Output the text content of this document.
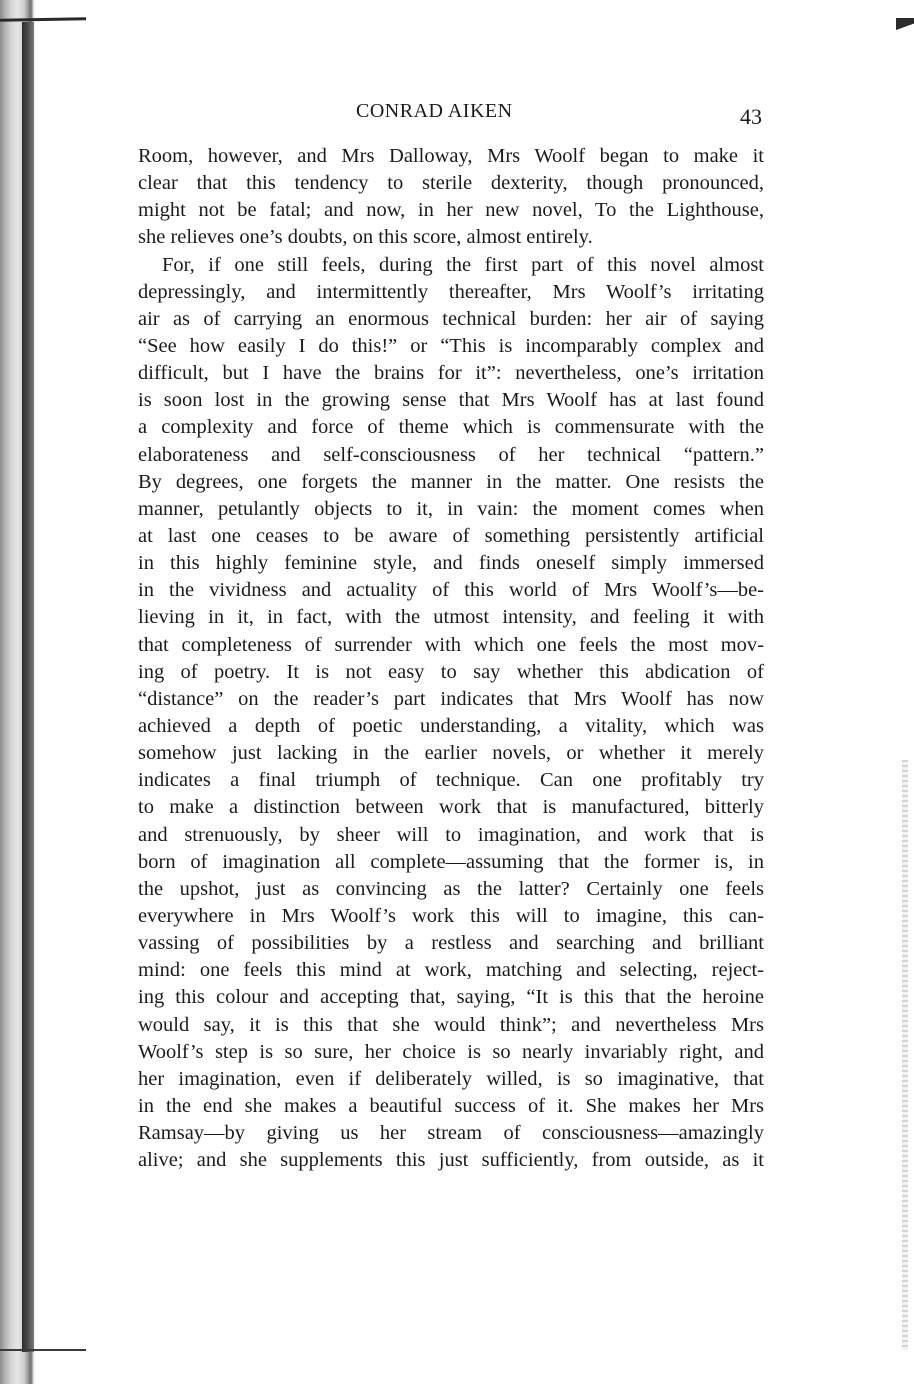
CONRAD AIKEN	43
Room, however, and Mrs Dalloway, Mrs Woolf began to make it
clear that this tendency to sterile dexterity, though pronounced,
might not be fatal; and now, in her new novel, To the Lighthouse,
she relieves one’s doubts, on this score, almost entirely.
For, if one still feels, during the first part of this novel almost
depressingly, and intermittently thereafter, Mrs Woolf’s irritating
air as of carrying an enormous technical burden: her air of saying
“See how easily I do this!” or “This is incomparably complex and
difficult, but I have the brains for it”: nevertheless, one’s irritation
is soon lost in the growing sense that Mrs Woolf has at last found
a complexity and force of theme which is commensurate with the
elaborateness and self-consciousness of her technical “pattern.”
By degrees, one forgets the manner in the matter. One resists the
manner, petulantly objects to it, in vain: the moment comes when
at last one ceases to be aware of something persistently artificial
in this highly feminine style, and finds oneself simply immersed
in the vividness and actuality of this world of Mrs Woolf’s—be-
lieving in it, in fact, with the utmost intensity, and feeling it with
that completeness of surrender with which one feels the most mov-
ing of poetry. It is not easy to say whether this abdication of
“distance” on the reader’s part indicates that Mrs Woolf has now
achieved a depth of poetic understanding, a vitality, which was
somehow just lacking in the earlier novels, or whether it merely
indicates a final triumph of technique. Can one profitably try
to make a distinction between work that is manufactured, bitterly
and strenuously, by sheer will to imagination, and work that is
born of imagination all complete—assuming that the former is, in
the upshot, just as convincing as the latter? Certainly one feels
everywhere in Mrs Woolf’s work this will to imagine, this can-
vassing of possibilities by a restless and searching and brilliant
mind: one feels this mind at work, matching and selecting, reject-
ing this colour and accepting that, saying, “It is this that the heroine
would say, it is this that she would think”; and nevertheless Mrs
Woolf’s step is so sure, her choice is so nearly invariably right, and
her imagination, even if deliberately willed, is so imaginative, that
in the end she makes a beautiful success of it. She makes her Mrs
Ramsay—by giving us her stream of consciousness—amazingly
alive; and she supplements this just sufficiently, from outside, as it
